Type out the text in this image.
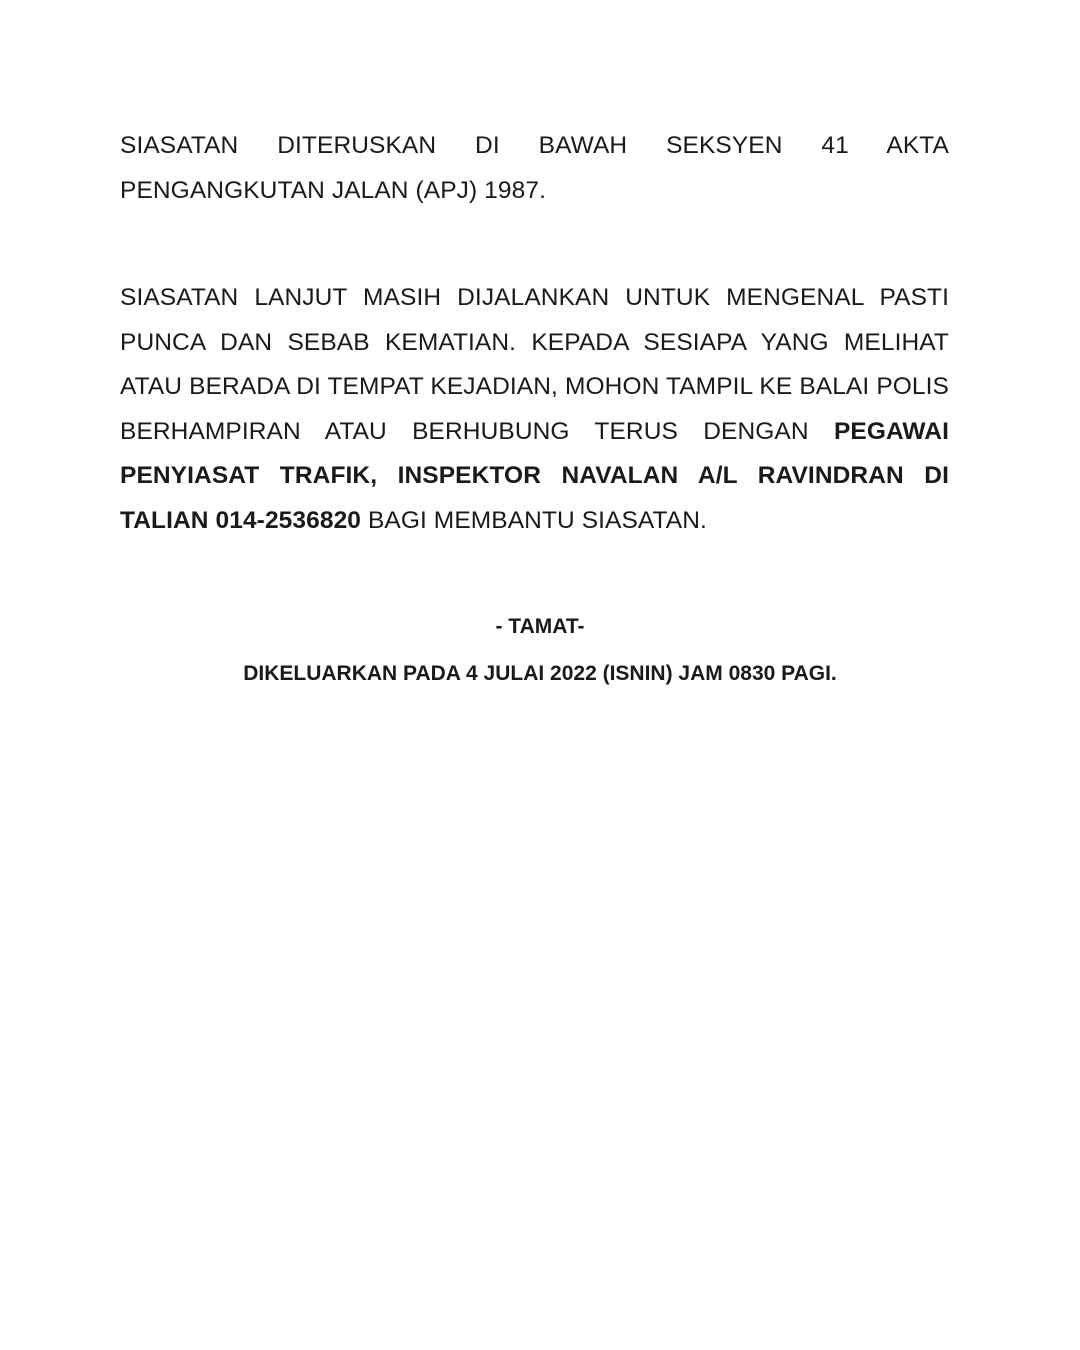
SIASATAN DITERUSKAN DI BAWAH SEKSYEN 41 AKTA PENGANGKUTAN JALAN (APJ) 1987.

SIASATAN LANJUT MASIH DIJALANKAN UNTUK MENGENAL PASTI PUNCA DAN SEBAB KEMATIAN. KEPADA SESIAPA YANG MELIHAT ATAU BERADA DI TEMPAT KEJADIAN, MOHON TAMPIL KE BALAI POLIS BERHAMPIRAN ATAU BERHUBUNG TERUS DENGAN PEGAWAI PENYIASAT TRAFIK, INSPEKTOR NAVALAN A/L RAVINDRAN DI TALIAN 014-2536820 BAGI MEMBANTU SIASATAN.

- TAMAT-

DIKELUARKAN PADA 4 JULAI 2022 (ISNIN) JAM 0830 PAGI.
